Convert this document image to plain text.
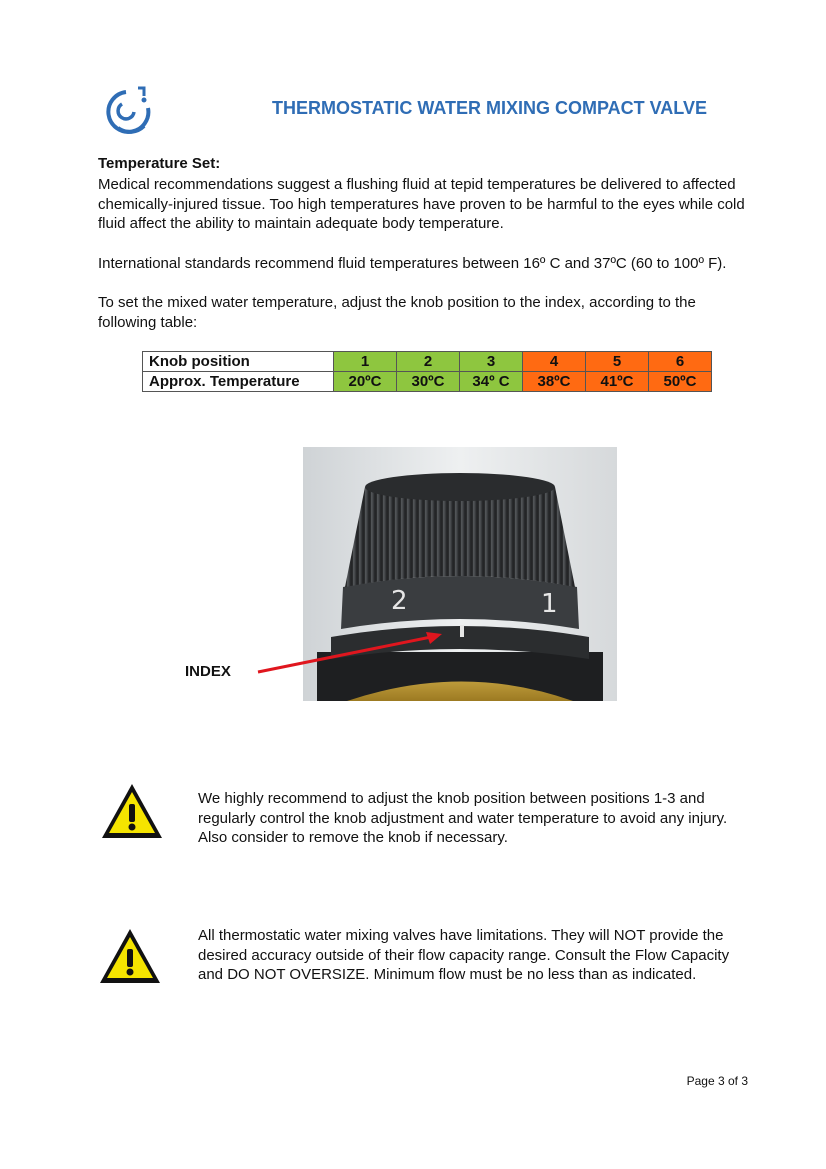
THERMOSTATIC WATER MIXING COMPACT VALVE
Temperature Set:

Medical recommendations suggest a flushing fluid at tepid temperatures be delivered to affected chemically-injured tissue. Too high temperatures have proven to be harmful to the eyes while cold fluid affect the ability to maintain adequate body temperature.

International standards recommend fluid temperatures between 16º C and 37ºC (60 to 100º F).

To set the mixed water temperature, adjust the knob position to the index, according to the following table:

Knob position	1	2	3	4	5	6
Approx. Temperature	20ºC	30ºC	34º C	38ºC	41ºC	50ºC
2	1
INDEX

We highly recommend to adjust the knob position between positions 1-3 and regularly control the knob adjustment and water temperature to avoid any injury. Also consider to remove the knob if necessary.

All thermostatic water mixing valves have limitations. They will NOT provide the desired accuracy outside of their flow capacity range. Consult the Flow Capacity and DO NOT OVERSIZE. Minimum flow must be no less than as indicated.

Page 3 of 3
